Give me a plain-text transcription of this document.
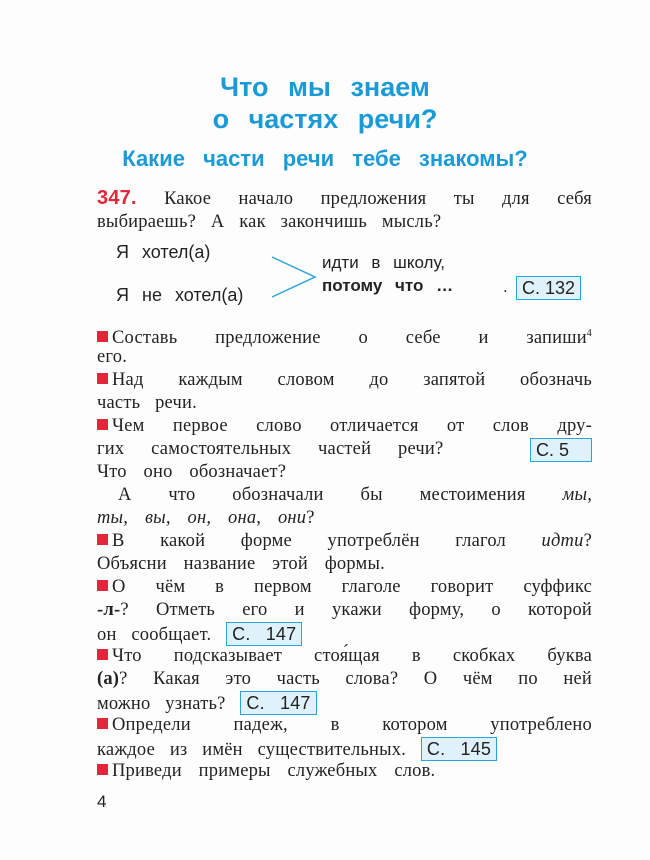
Что мы знаем
о частях речи?
Какие части речи тебе знакомы?
347. Какое начало предложения ты для себя
выбираешь? А как закончишь мысль?
Я хотел(а)
Я не хотел(а)
идти в школу,
потому что …	. С. 132
Составь предложение о себе и запиши$^4$
его.
Над каждым словом до запятой обозначь
часть речи.
Чем первое слово отличается от слов дру-
гих самостоятельных частей речи?	С. 5
Что оно обозначает?
А что обозначали бы местоимения мы,
ты, вы, он, она, они?
В какой форме употреблён глагол идти?
Объясни название этой формы.
О чём в первом глаголе говорит суффикс
-л-? Отметь его и укажи форму, о которой
он сообщает. С. 147
Что подсказывает стоя́щая в скобках буква
(а)? Какая это часть слова? О чём по ней
можно узнать? С. 147
Определи падеж, в котором употреблено
каждое из имён существительных. С. 145
Приведи примеры служебных слов.
4
